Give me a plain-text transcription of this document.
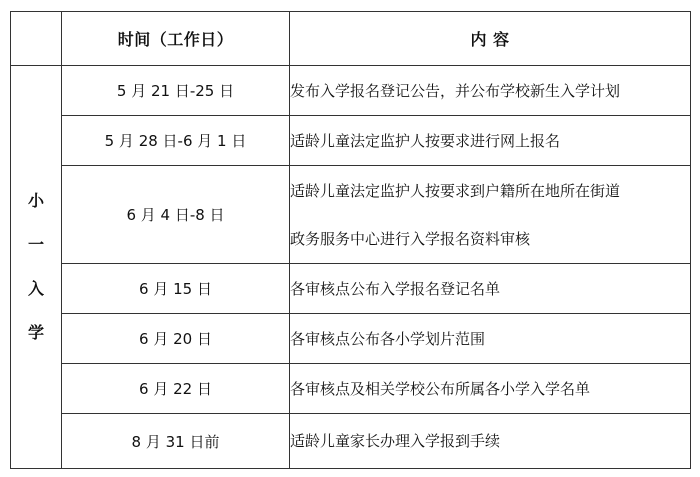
	时间（工作日）	内 容

小
一
入
学	5 月 21 日-25 日	发布入学报名登记公告，并公布学校新生入学计划
	5 月 28 日-6 月 1 日	适龄儿童法定监护人按要求进行网上报名
	6 月 4 日-8 日	适龄儿童法定监护人按要求到户籍所在地所在街道
政务服务中心进行入学报名资料审核

	6 月 15 日	各审核点公布入学报名登记名单
	6 月 20 日	各审核点公布各小学划片范围
	6 月 22 日	各审核点及相关学校公布所属各小学入学名单
	8 月 31 日前	适龄儿童家长办理入学报到手续
